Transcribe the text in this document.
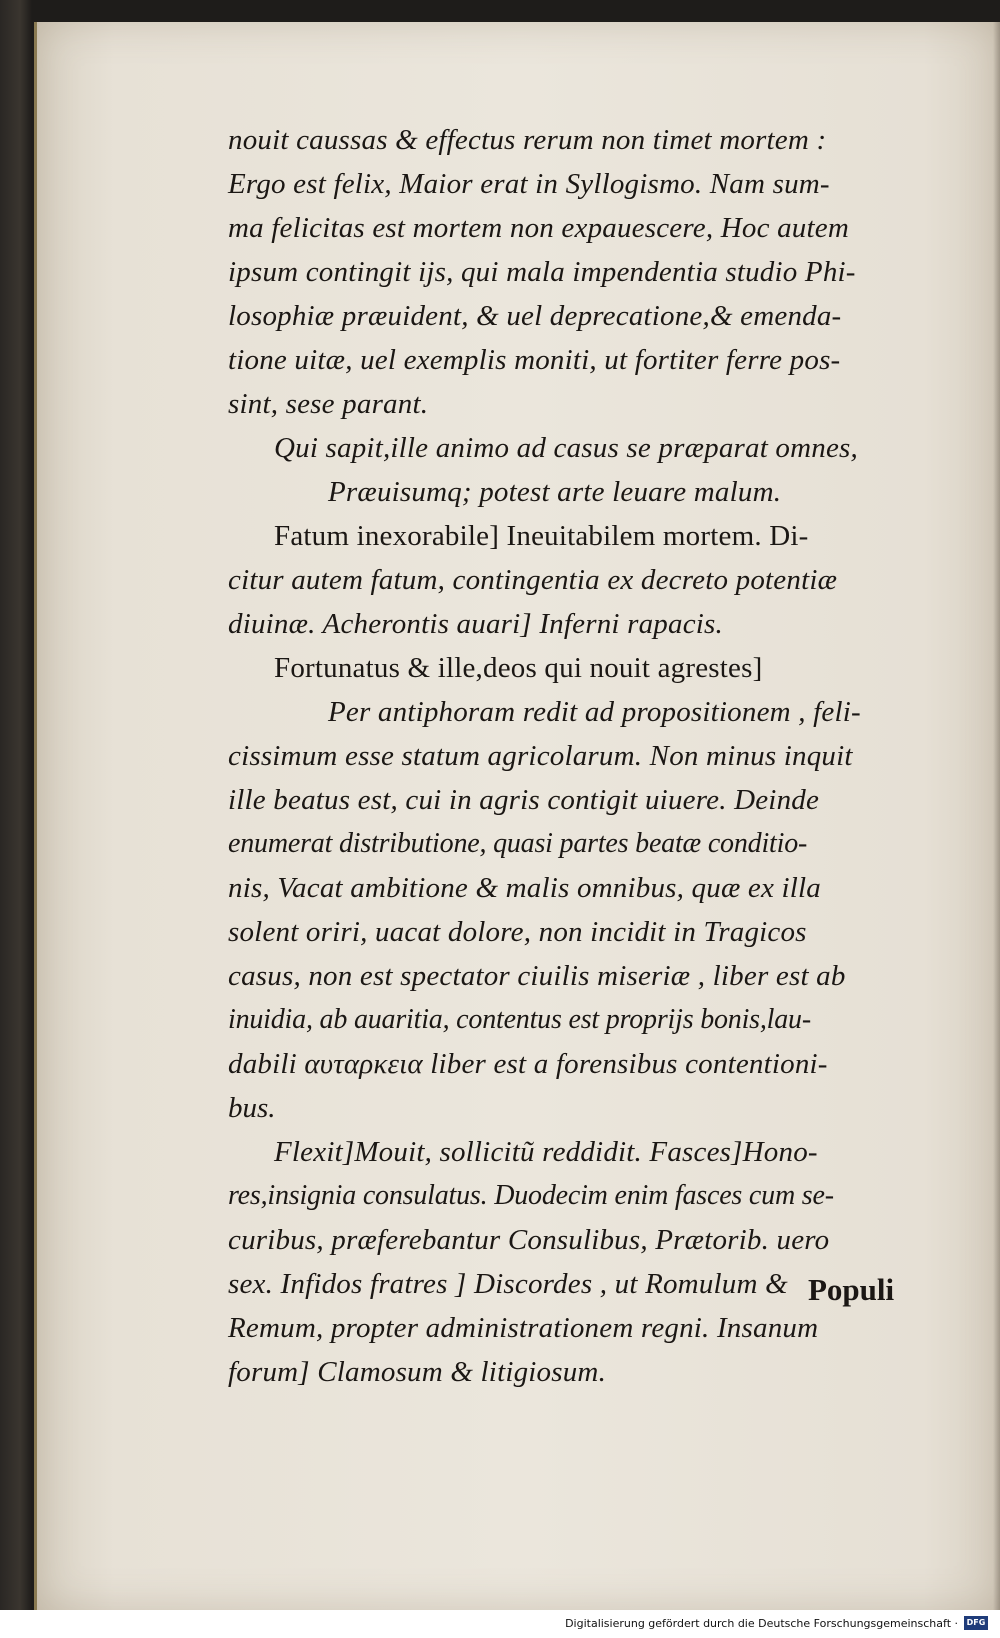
nouit caussas & effectus rerum non timet mortem :
Ergo est felix, Maior erat in Syllogismo. Nam sum-
ma felicitas est mortem non expauescere, Hoc autem
ipsum contingit ijs, qui mala impendentia studio Phi-
losophiæ præuident, & uel deprecatione,& emenda-
tione uitæ, uel exemplis moniti, ut fortiter ferre pos-
sint, sese parant.
Qui sapit,ille animo ad casus se præparat omnes,
Præuisumq; potest arte leuare malum.
Fatum inexorabile] Ineuitabilem mortem. Di-
citur autem fatum, contingentia ex decreto potentiæ
diuinæ. Acherontis auari] Inferni rapacis.
Fortunatus & ille,deos qui nouit agrestes]
Per antiphoram redit ad propositionem , feli-
cissimum esse statum agricolarum. Non minus inquit
ille beatus est, cui in agris contigit uiuere. Deinde
enumerat distributione, quasi partes beatæ conditio-
nis, Vacat ambitione & malis omnibus, quæ ex illa
solent oriri, uacat dolore, non incidit in Tragicos
casus, non est spectator ciuilis miseriæ , liber est ab
inuidia, ab auaritia, contentus est proprijs bonis,lau-
dabili αυταρκεια liber est a forensibus contentioni-
bus.
Flexit]Mouit, sollicitũ reddidit. Fasces]Hono-
res,insignia consulatus. Duodecim enim fasces cum se-
curibus, præferebantur Consulibus, Prætorib. uero
sex. Infidos fratres ] Discordes , ut Romulum &
Remum, propter administrationem regni. Insanum
forum] Clamosum & litigiosum.
Populi
Digitalisierung gefördert durch die Deutsche Forschungsgemeinschaft · DFG
